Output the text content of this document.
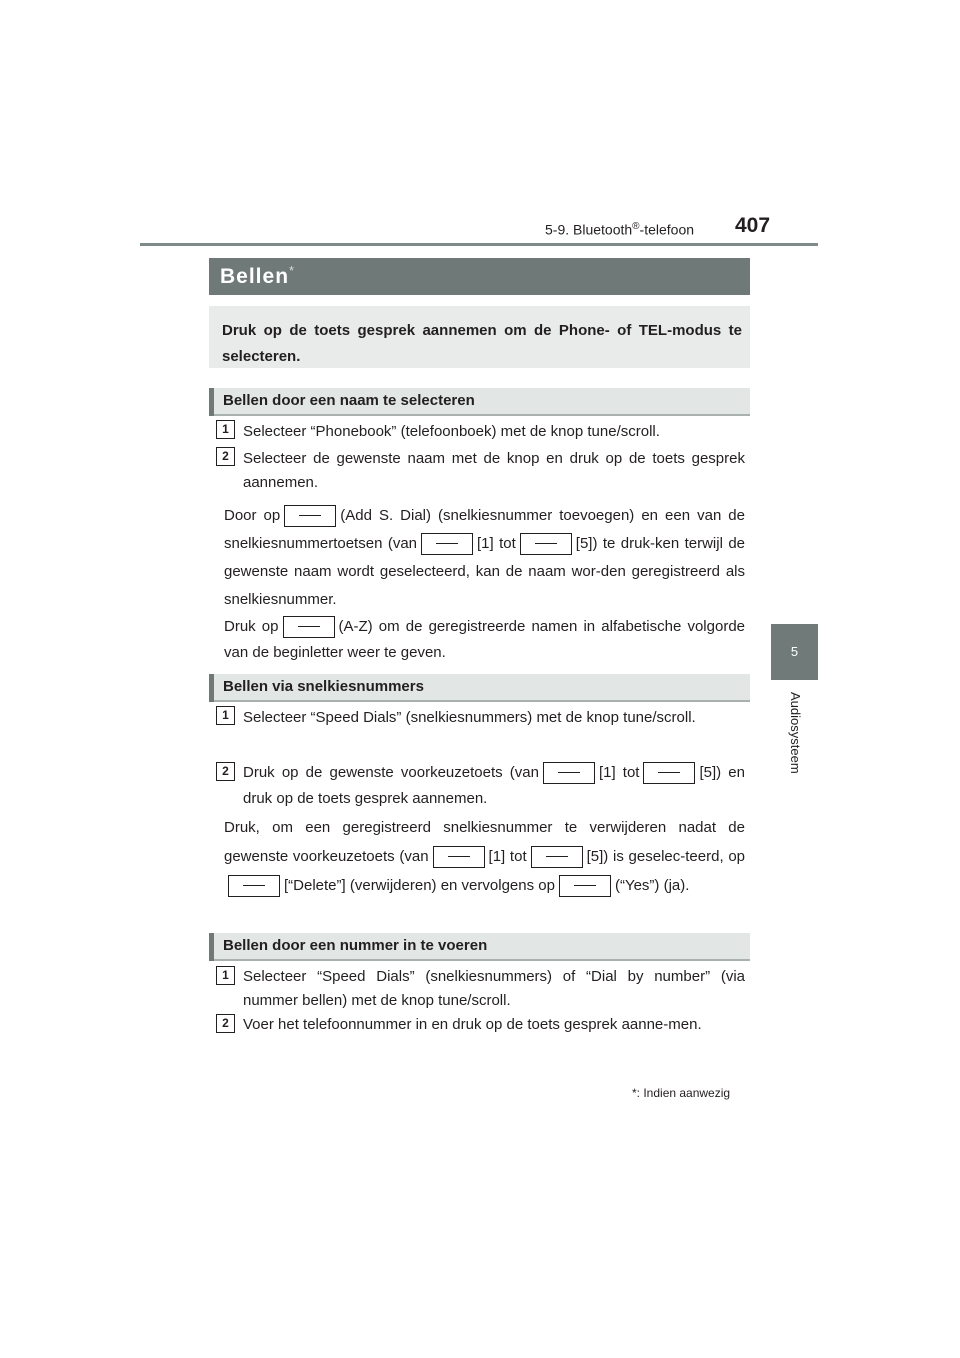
5-9. Bluetooth®-telefoon 407
5
Audiosysteem
Bellen*

Druk op de toets gesprek aannemen om de Phone- of TEL-modus te selecteren.

Bellen door een naam te selecteren
1 Selecteer “Phonebook” (telefoonboek) met de knop tune/scroll.
2 Selecteer de gewenste naam met de knop en druk op de toets gesprek aannemen.
Door op	(Add S. Dial) (snelkiesnummer toevoegen) en een van de snelkiesnummertoetsen (van	[1] tot	[5]) te druk-ken terwijl de gewenste naam wordt geselecteerd, kan de naam wor-den geregistreerd als snelkiesnummer.
Druk op	(A-Z) om de geregistreerde namen in alfabetische volgorde van de beginletter weer te geven.
Bellen via snelkiesnummers
1 Selecteer “Speed Dials” (snelkiesnummers) met de knop tune/scroll.
2 Druk op de gewenste voorkeuzetoets (van	[1] tot	[5]) en druk op de toets gesprek aannemen.
Druk, om een geregistreerd snelkiesnummer te verwijderen nadat de gewenste voorkeuzetoets (van	[1] tot	[5]) is geselec-teerd, op[“Delete”] (verwijderen) en vervolgens op	(“Yes”) (ja).
Bellen door een nummer in te voeren
1 Selecteer “Speed Dials” (snelkiesnummers) of “Dial by number” (via nummer bellen) met de knop tune/scroll.
2 Voer het telefoonnummer in en druk op de toets gesprek aanne-men.
*: Indien aanwezig
